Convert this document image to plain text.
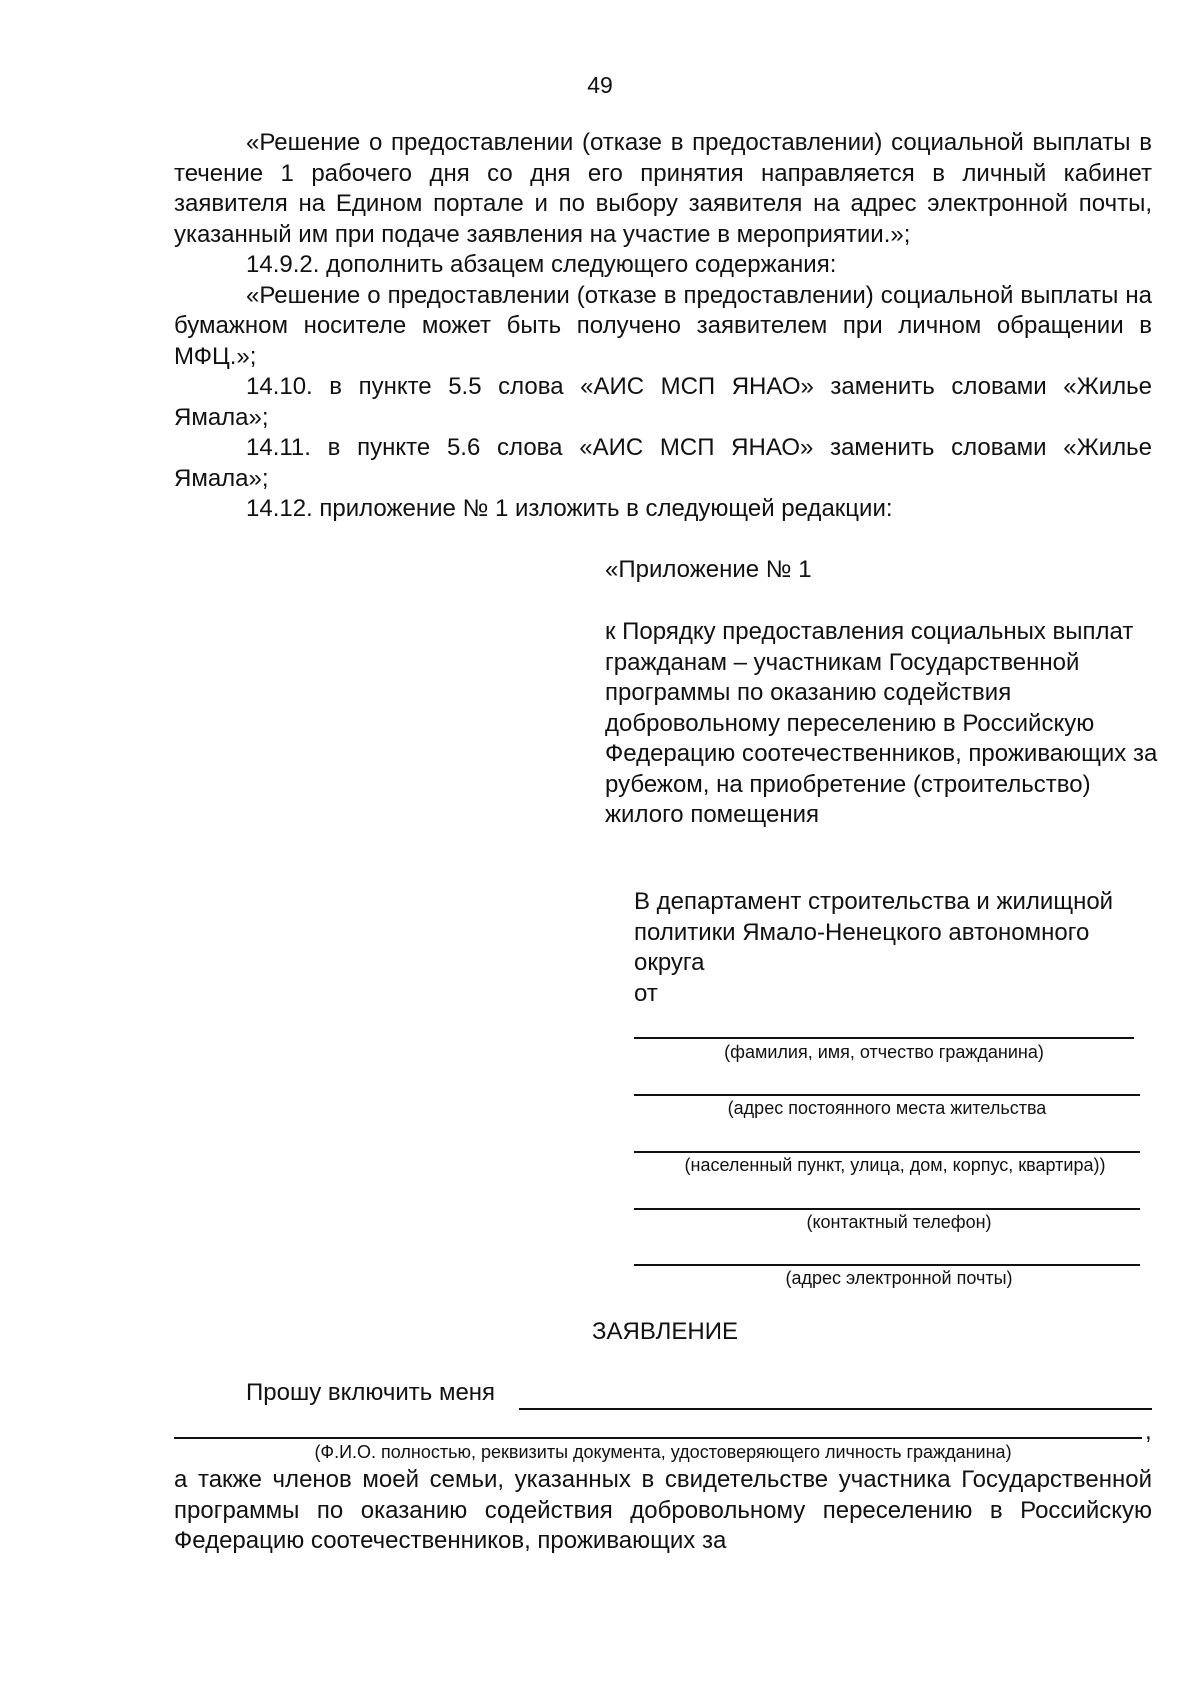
49

«Решение о предоставлении (отказе в предоставлении) социальной выплаты в течение 1 рабочего дня со дня его принятия направляется в личный кабинет заявителя на Едином портале и по выбору заявителя на адрес электронной почты, указанный им при подаче заявления на участие в мероприятии.»;

14.9.2. дополнить абзацем следующего содержания:

«Решение о предоставлении (отказе в предоставлении) социальной выплаты на бумажном носителе может быть получено заявителем при личном обращении в МФЦ.»;

14.10. в пункте 5.5 слова «АИС МСП ЯНАО» заменить словами «Жилье Ямала»;

14.11. в пункте 5.6 слова «АИС МСП ЯНАО» заменить словами «Жилье Ямала»;

14.12. приложение № 1 изложить в следующей редакции:

«Приложение № 1
к Порядку предоставления социальных выплат гражданам – участникам Государственной программы по оказанию содействия добровольному переселению в Российскую Федерацию соотечественников, проживающих за рубежом, на приобретение (строительство) жилого помещения
В департамент строительства и жилищной политики Ямало-Ненецкого автономного округа
от
(фамилия, имя, отчество гражданина)
(адрес постоянного места жительства
(населенный пункт, улица, дом, корпус, квартира))
(контактный телефон)
(адрес электронной почты)
ЗАЯВЛЕНИЕ
Прошу включить меня
,
(Ф.И.О. полностью, реквизиты документа, удостоверяющего личность гражданина)

а также членов моей семьи, указанных в свидетельстве участника Государственной программы по оказанию содействия добровольному переселению в Российскую Федерацию соотечественников, проживающих за
